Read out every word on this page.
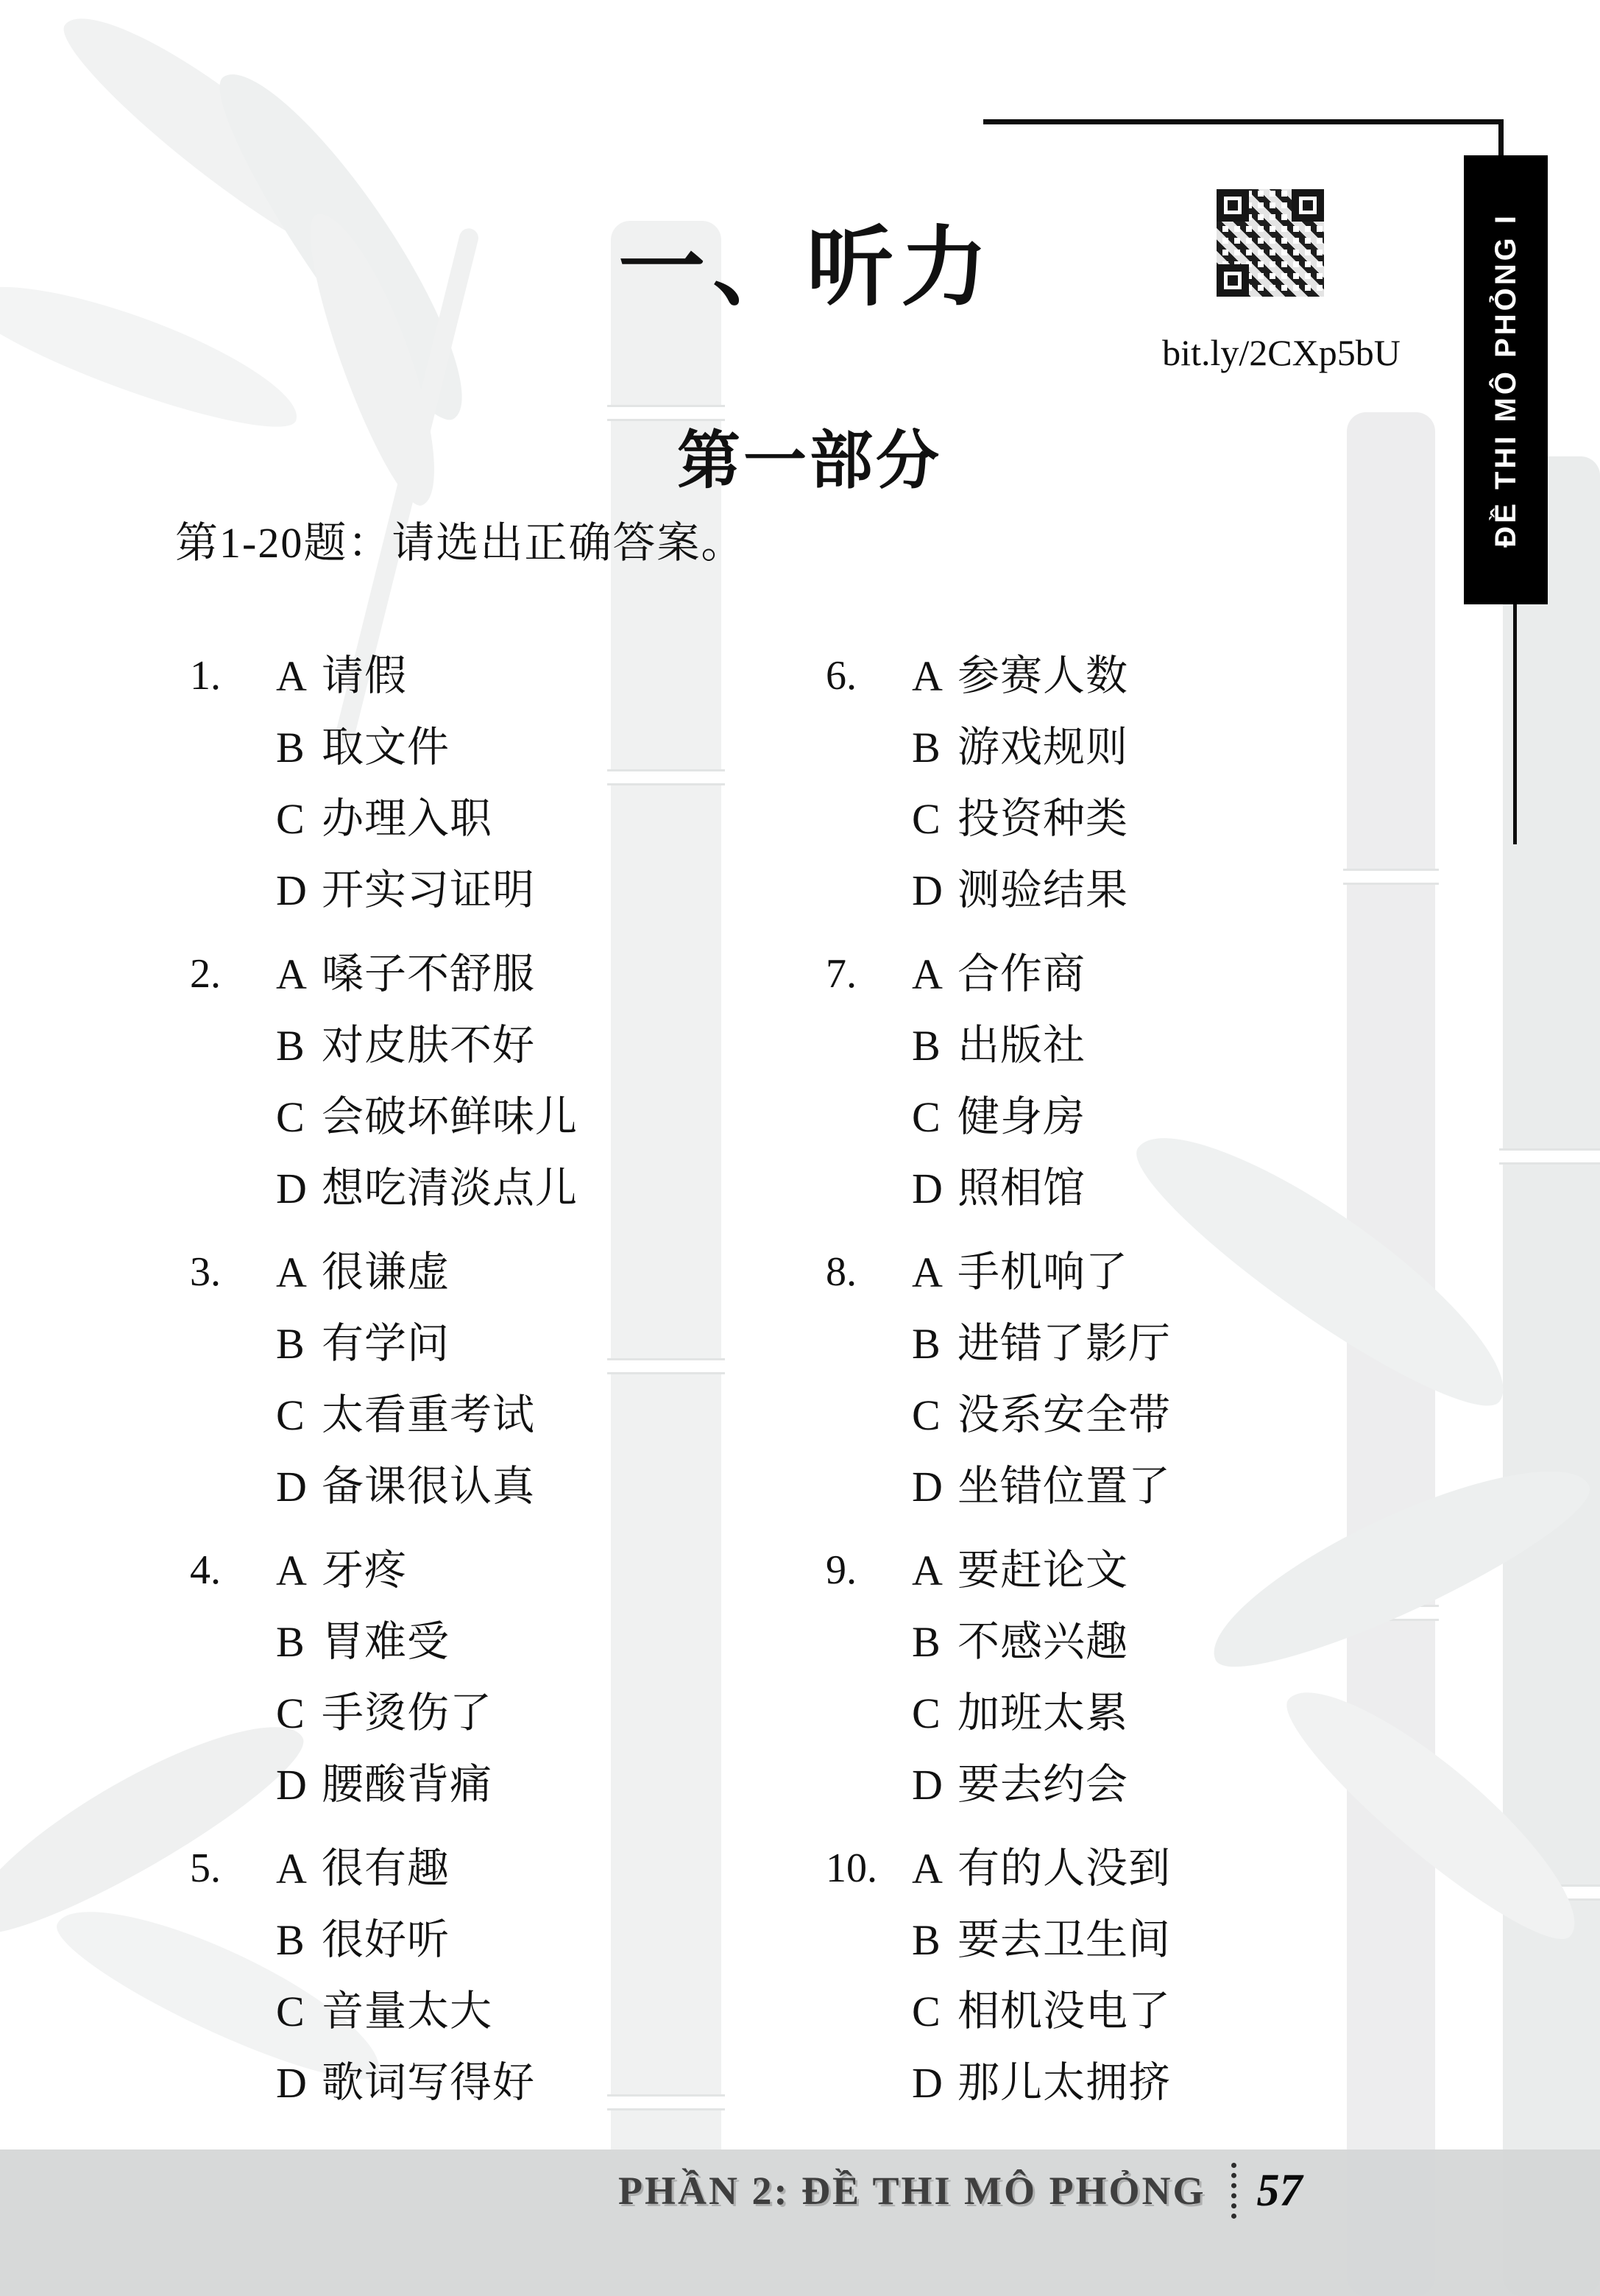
ĐỀ THI MÔ PHỎNG I
bit.ly/2CXp5bU
一、听力
第一部分
第1-20题：请选出正确答案。
1.	A 请假
B 取文件
C 办理入职
D 开实习证明
2.	A 嗓子不舒服
B 对皮肤不好
C 会破坏鲜味儿
D 想吃清淡点儿
3.	A 很谦虚
B 有学问
C 太看重考试
D 备课很认真
4.	A 牙疼
B 胃难受
C 手烫伤了
D 腰酸背痛
5.	A 很有趣
B 很好听
C 音量太大
D 歌词写得好
6.	A 参赛人数
B 游戏规则
C 投资种类
D 测验结果
7.	A 合作商
B 出版社
C 健身房
D 照相馆
8.	A 手机响了
B 进错了影厅
C 没系安全带
D 坐错位置了
9.	A 要赶论文
B 不感兴趣
C 加班太累
D 要去约会
10. A 有的人没到
B 要去卫生间
C 相机没电了
D 那儿太拥挤
PHẦN 2: ĐỀ THI MÔ PHỎNG 57
